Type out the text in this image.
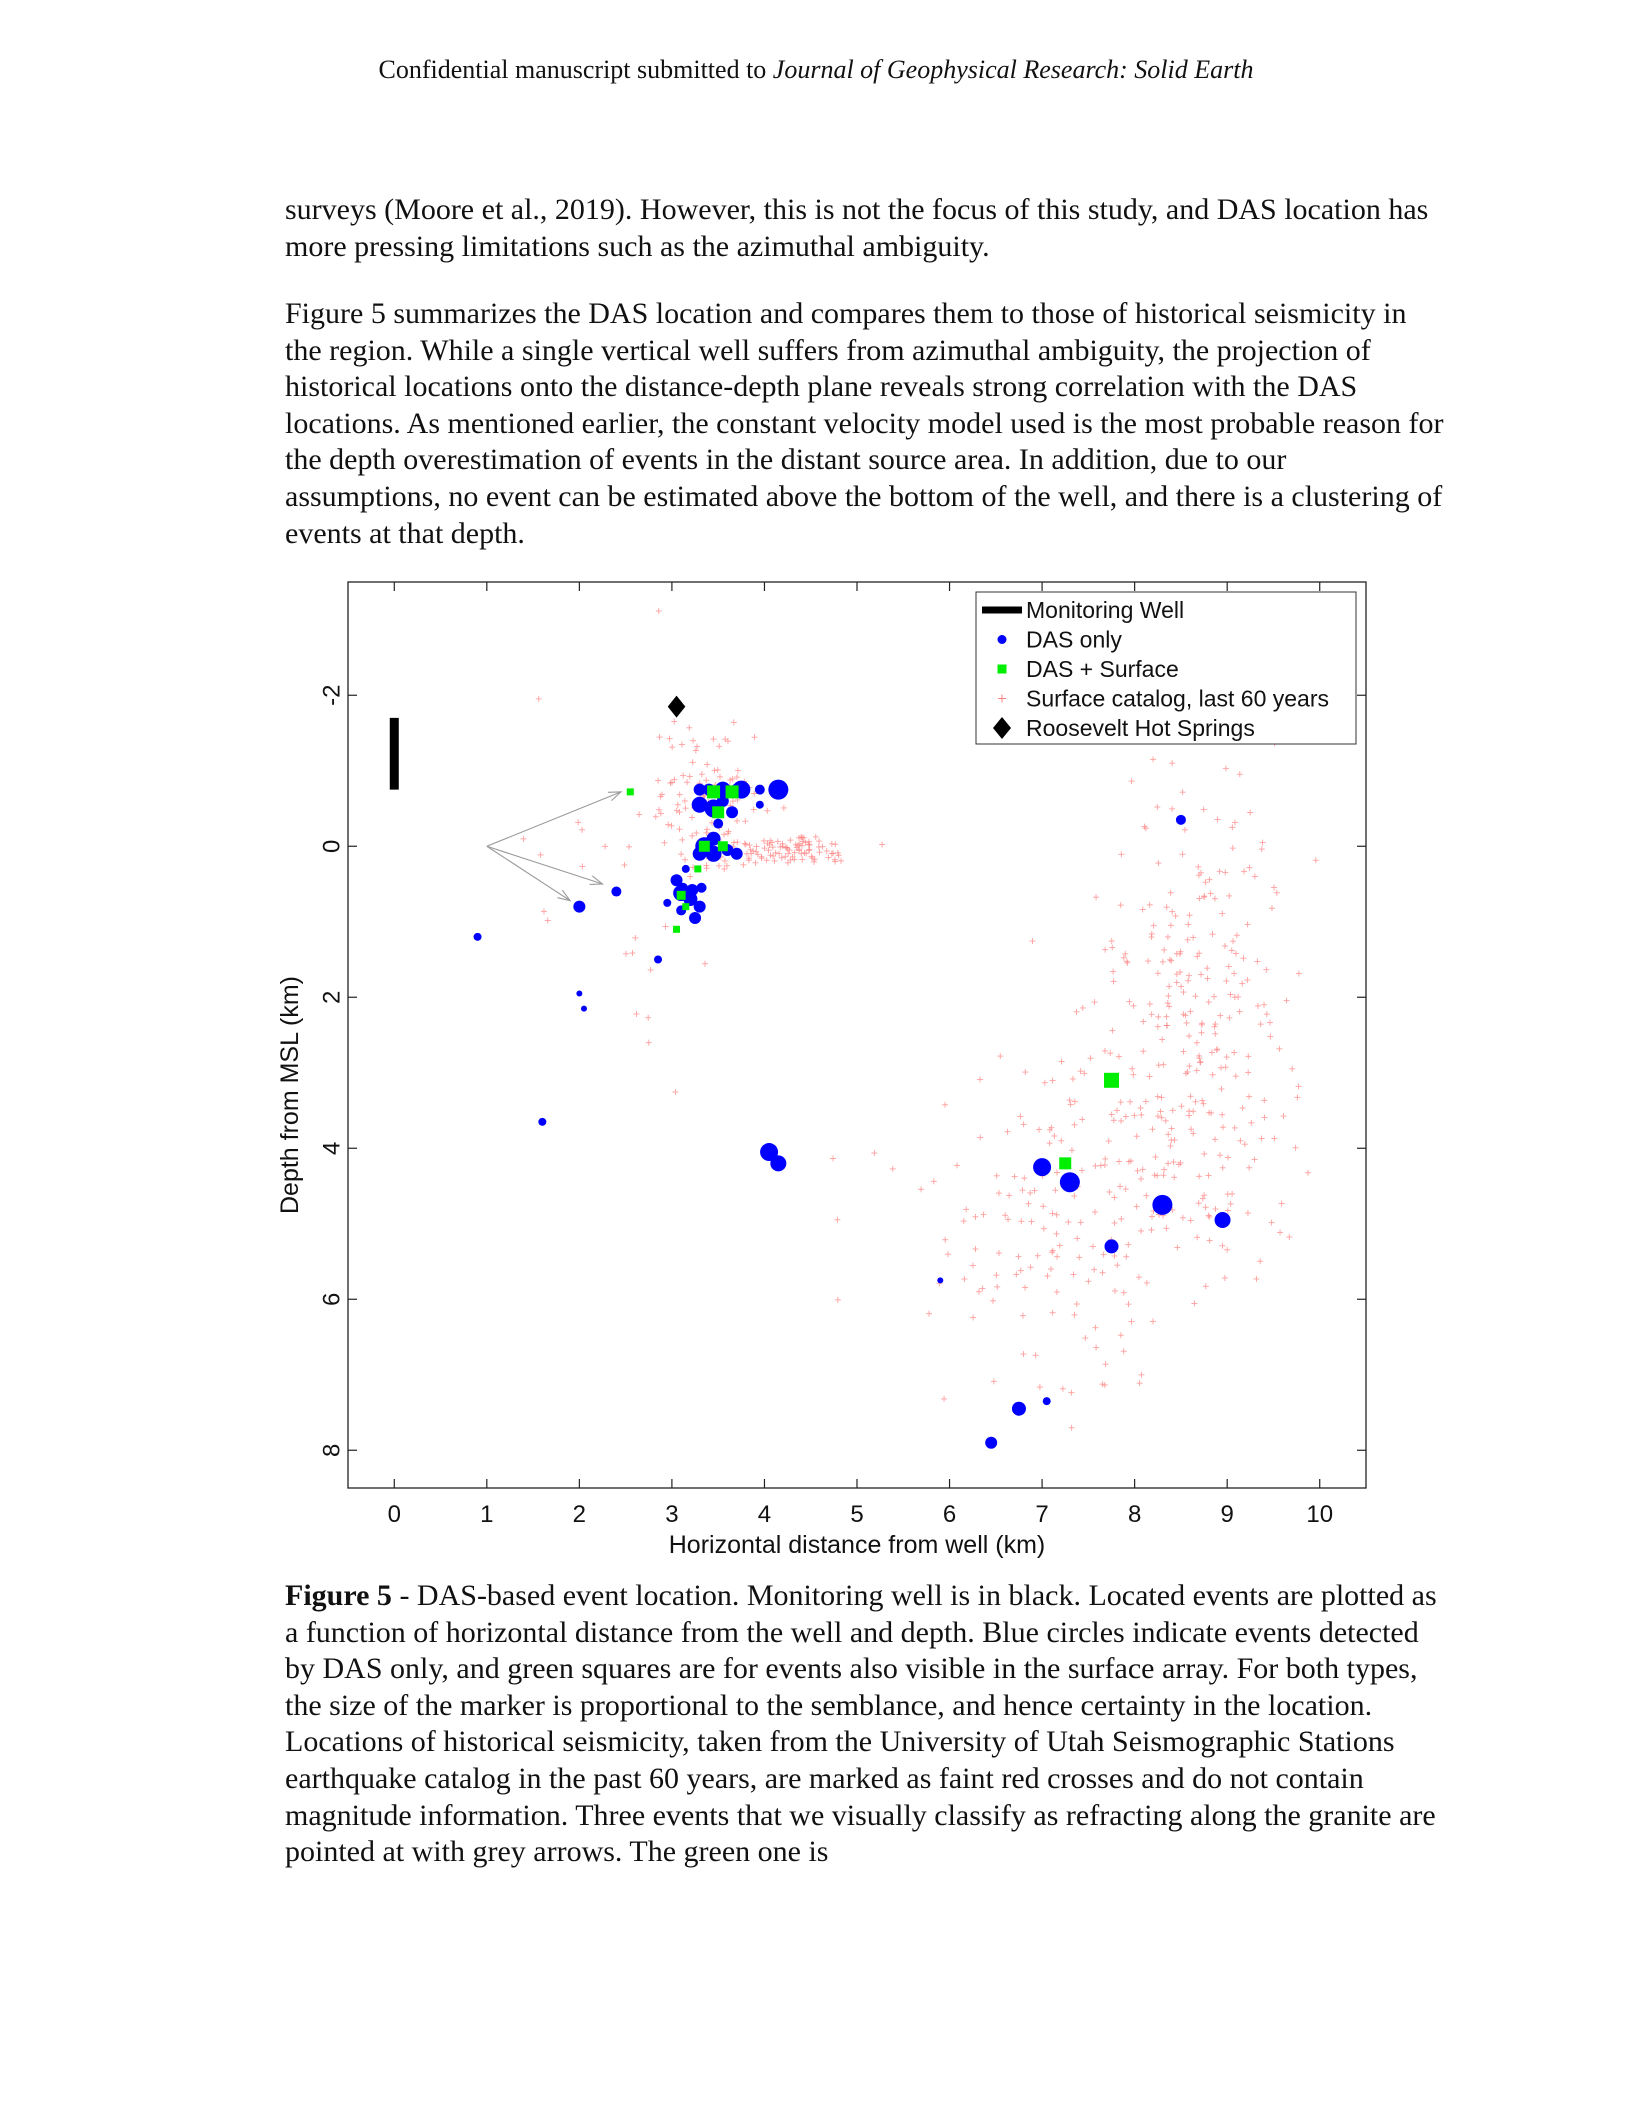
Confidential manuscript submitted to Journal of Geophysical Research: Solid Earth

surveys (Moore et al., 2019). However, this is not the focus of this study, and DAS location has more pressing limitations such as the azimuthal ambiguity.

Figure 5 summarizes the DAS location and compares them to those of historical seismicity in the region. While a single vertical well suffers from azimuthal ambiguity, the projection of historical locations onto the distance-depth plane reveals strong correlation with the DAS locations. As mentioned earlier, the constant velocity model used is the most probable reason for the depth overestimation of events in the distant source area. In addition, due to our assumptions, no event can be estimated above the bottom of the well, and there is a clustering of events at that depth.

0	1	2	3	4	5	6	7	8	9	10
-2
0
2
4
6
8
Horizontal distance from well (km)
Depth from MSL (km)
Monitoring Well
DAS only
DAS + Surface
Surface catalog, last 60 years
Roosevelt Hot Springs

Figure 5 - DAS-based event location. Monitoring well is in black. Located events are plotted as a function of horizontal distance from the well and depth. Blue circles indicate events detected by DAS only, and green squares are for events also visible in the surface array. For both types, the size of the marker is proportional to the semblance, and hence certainty in the location. Locations of historical seismicity, taken from the University of Utah Seismographic Stations earthquake catalog in the past 60 years, are marked as faint red crosses and do not contain magnitude information. Three events that we visually classify as refracting along the granite are pointed at with grey arrows. The green one is
